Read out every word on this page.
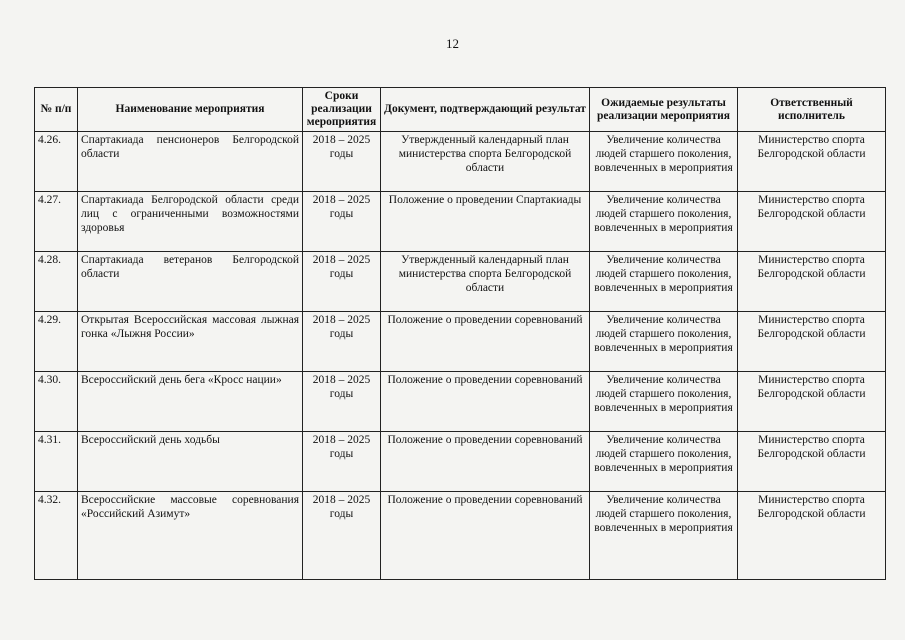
12
№ п/п	Наименование мероприятия	Сроки реализации мероприятия	Документ, подтверждающий результат	Ожидаемые результаты реализации мероприятия	Ответственный исполнитель
4.26.	Спартакиада пенсионеров Белгородской области	2018 – 2025 годы	Утвержденный календарный план министерства спорта Белгородской области	Увеличение количества людей старшего поколения, вовлеченных в мероприятия	Министерство спорта Белгородской области
4.27.	Спартакиада Белгородской области среди лиц с ограниченными возможностями здоровья	2018 – 2025 годы	Положение о проведении Спартакиады	Увеличение количества людей старшего поколения, вовлеченных в мероприятия	Министерство спорта Белгородской области
4.28.	Спартакиада ветеранов Белгородской области	2018 – 2025 годы	Утвержденный календарный план министерства спорта Белгородской области	Увеличение количества людей старшего поколения, вовлеченных в мероприятия	Министерство спорта Белгородской области
4.29.	Открытая Всероссийская массовая лыжная гонка «Лыжня России»	2018 – 2025 годы	Положение о проведении соревнований	Увеличение количества людей старшего поколения, вовлеченных в мероприятия	Министерство спорта Белгородской области
4.30.	Всероссийский день бега «Кросс нации»	2018 – 2025 годы	Положение о проведении соревнований	Увеличение количества людей старшего поколения, вовлеченных в мероприятия	Министерство спорта Белгородской области
4.31.	Всероссийский день ходьбы	2018 – 2025 годы	Положение о проведении соревнований	Увеличение количества людей старшего поколения, вовлеченных в мероприятия	Министерство спорта Белгородской области
4.32.	Всероссийские массовые соревнования «Российский Азимут»	2018 – 2025 годы	Положение о проведении соревнований	Увеличение количества людей старшего поколения, вовлеченных в мероприятия	Министерство спорта Белгородской области
